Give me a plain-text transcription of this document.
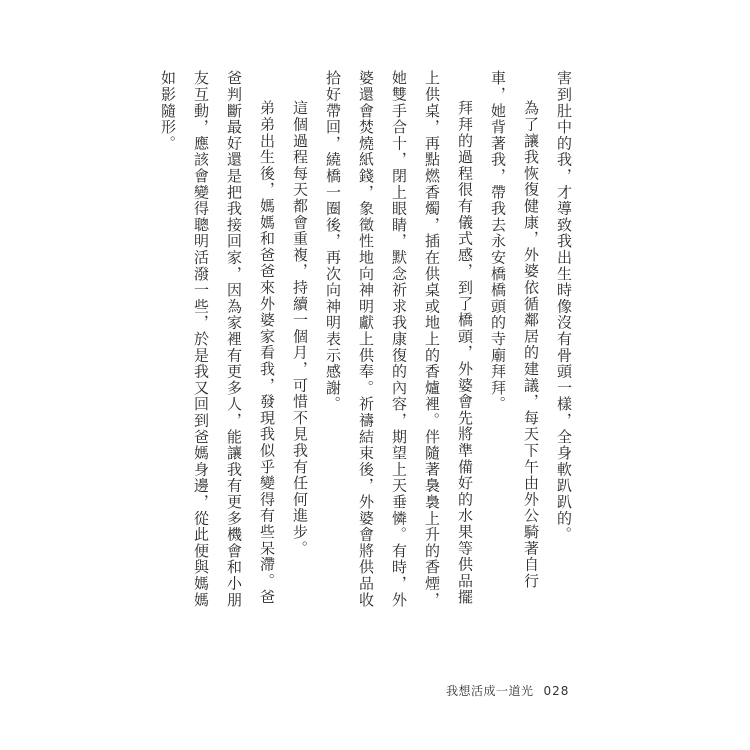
害到肚中的我，才導致我出生時像沒有骨頭一樣，全身軟趴趴的。

為了讓我恢復健康，外婆依循鄰居的建議，每天下午由外公騎著自行車，她背著我，帶我去永安橋橋頭的寺廟拜拜。

拜拜的過程很有儀式感，到了橋頭，外婆會先將準備好的水果等供品擺上供桌，再點燃香燭，插在供桌或地上的香爐裡。伴隨著裊裊上升的香煙，她雙手合十，閉上眼睛，默念祈求我康復的內容，期望上天垂憐。有時，外婆還會焚燒紙錢，象徵性地向神明獻上供奉。祈禱結束後，外婆會將供品收拾好帶回，繞橋一圈後，再次向神明表示感謝。

這個過程每天都會重複，持續一個月，可惜不見我有任何進步。

弟弟出生後，媽媽和爸爸來外婆家看我，發現我似乎變得有些呆滯。爸爸判斷最好還是把我接回家，因為家裡有更多人，能讓我有更多機會和小朋友互動，應該會變得聰明活潑一些，於是我又回到爸媽身邊，從此便與媽媽如影隨形。

我想活成一道光 028
